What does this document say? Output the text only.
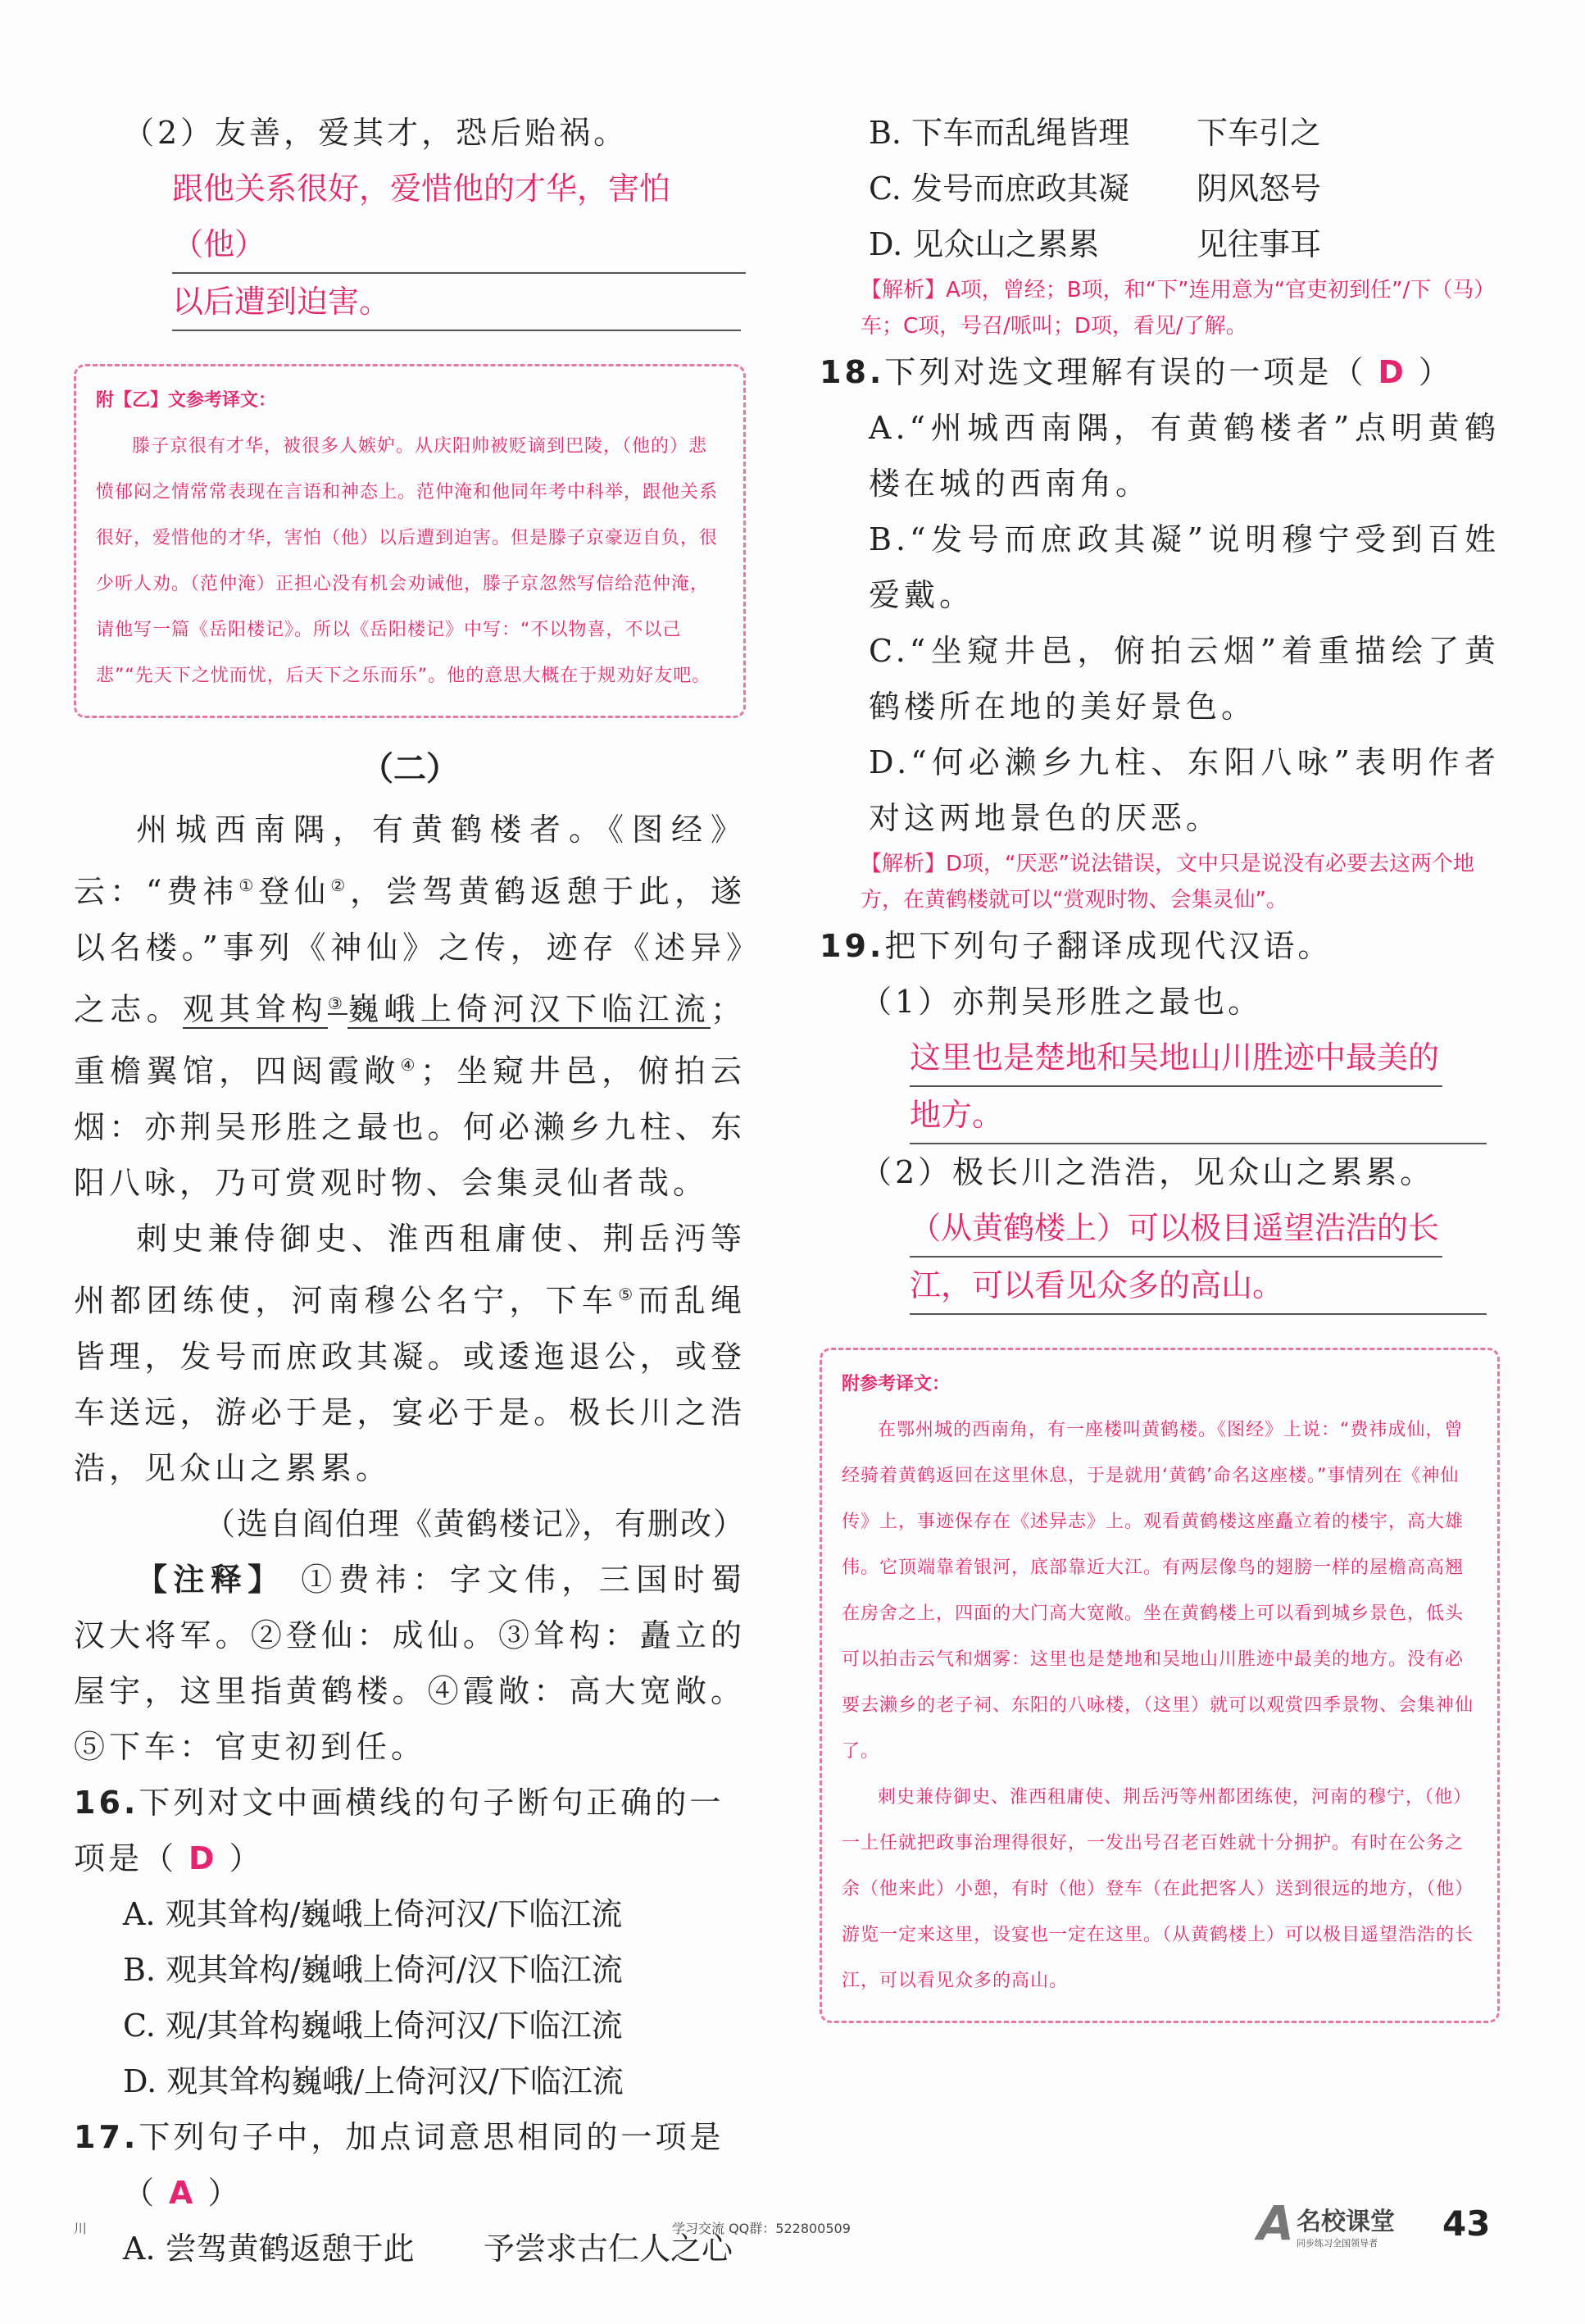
（2）友善，爱其才，恐后贻祸。
跟他关系很好，爱惜他的才华，害怕（他）
以后遭到迫害。
附【乙】文参考译文：
滕子京很有才华，被很多人嫉妒。从庆阳帅被贬谪到巴陵，（他的）悲愤郁闷之情常常表现在言语和神态上。范仲淹和他同年考中科举，跟他关系很好，爱惜他的才华，害怕（他）以后遭到迫害。但是滕子京豪迈自负，很少听人劝。（范仲淹）正担心没有机会劝诫他，滕子京忽然写信给范仲淹，请他写一篇《岳阳楼记》。所以《岳阳楼记》中写：“不以物喜，不以己悲”“先天下之忧而忧，后天下之乐而乐”。他的意思大概在于规劝好友吧。
（二）
州城西南隅，有黄鹤楼者。《图经》云：“费祎①登仙②，尝驾黄鹤返憩于此，遂以名楼。”事列《神仙》之传，迹存《述异》之志。观其耸构③巍峨上倚河汉下临江流；重檐翼馆，四闼霞敞④；坐窥井邑，俯拍云烟：亦荆吴形胜之最也。何必濑乡九柱、东阳八咏，乃可赏观时物、会集灵仙者哉。
刺史兼侍御史、淮西租庸使、荆岳沔等州都团练使，河南穆公名宁，下车⑤而乱绳皆理，发号而庶政其凝。或逶迤退公，或登车送远，游必于是，宴必于是。极长川之浩浩，见众山之累累。
（选自阎伯理《黄鹤楼记》，有删改）
【注释】 ①费祎：字文伟，三国时蜀汉大将军。②登仙：成仙。③耸构：矗立的屋宇，这里指黄鹤楼。④霞敞：高大宽敞。⑤下车：官吏初到任。
16.下列对文中画横线的句子断句正确的一项是（ D ）
A. 观其耸构/巍峨上倚河汉/下临江流
B. 观其耸构/巍峨上倚河/汉下临江流
C. 观/其耸构巍峨上倚河汉/下临江流
D. 观其耸构巍峨/上倚河汉/下临江流
17.下列句子中，加点词意思相同的一项是
（ A ）
A. 尝驾黄鹤返憩于此 予尝求古仁人之心
B. 下车而乱绳皆理 下车引之
C. 发号而庶政其凝 阴风怒号
D. 见众山之累累	见往事耳
【解析】A项，曾经；B项，和“下”连用意为“官吏初到任”/下（马）车；C项，号召/哌叫；D项，看见/了解。
18.下列对选文理解有误的一项是（ D ）
A.“州城西南隅，有黄鹤楼者”点明黄鹤楼在城的西南角。
B.“发号而庶政其凝”说明穆宁受到百姓爱戴。
C.“坐窥井邑，俯拍云烟”着重描绘了黄鹤楼所在地的美好景色。
D.“何必濑乡九柱、东阳八咏”表明作者对这两地景色的厌恶。
【解析】D项，“厌恶”说法错误，文中只是说没有必要去这两个地方，在黄鹤楼就可以“赏观时物、会集灵仙”。
19.把下列句子翻译成现代汉语。
（1）亦荆吴形胜之最也。
这里也是楚地和吴地山川胜迹中最美的
地方。
（2）极长川之浩浩，见众山之累累。
（从黄鹤楼上）可以极目遥望浩浩的长
江，可以看见众多的高山。
附参考译文：
在鄂州城的西南角，有一座楼叫黄鹤楼。《图经》上说：“费祎成仙，曾经骑着黄鹤返回在这里休息，于是就用‘黄鹤’命名这座楼。”事情列在《神仙传》上，事迹保存在《述异志》上。观看黄鹤楼这座矗立着的楼宇，高大雄伟。它顶端靠着银河，底部靠近大江。有两层像鸟的翅膀一样的屋檐高高翘在房舍之上，四面的大门高大宽敞。坐在黄鹤楼上可以看到城乡景色，低头可以拍击云气和烟雾：这里也是楚地和吴地山川胜迹中最美的地方。没有必要去濑乡的老子祠、东阳的八咏楼，（这里）就可以观赏四季景物、会集神仙了。
刺史兼侍御史、淮西租庸使、荆岳沔等州都团练使，河南的穆宁，（他）一上任就把政事治理得很好，一发出号召老百姓就十分拥护。有时在公务之余（他来此）小憩，有时（他）登车（在此把客人）送到很远的地方，（他）游览一定来这里，设宴也一定在这里。（从黄鹤楼上）可以极目遥望浩浩的长江，可以看见众多的高山。
川	学习交流 QQ群：522800509	A 名校课堂
同步练习全国领导者 43
